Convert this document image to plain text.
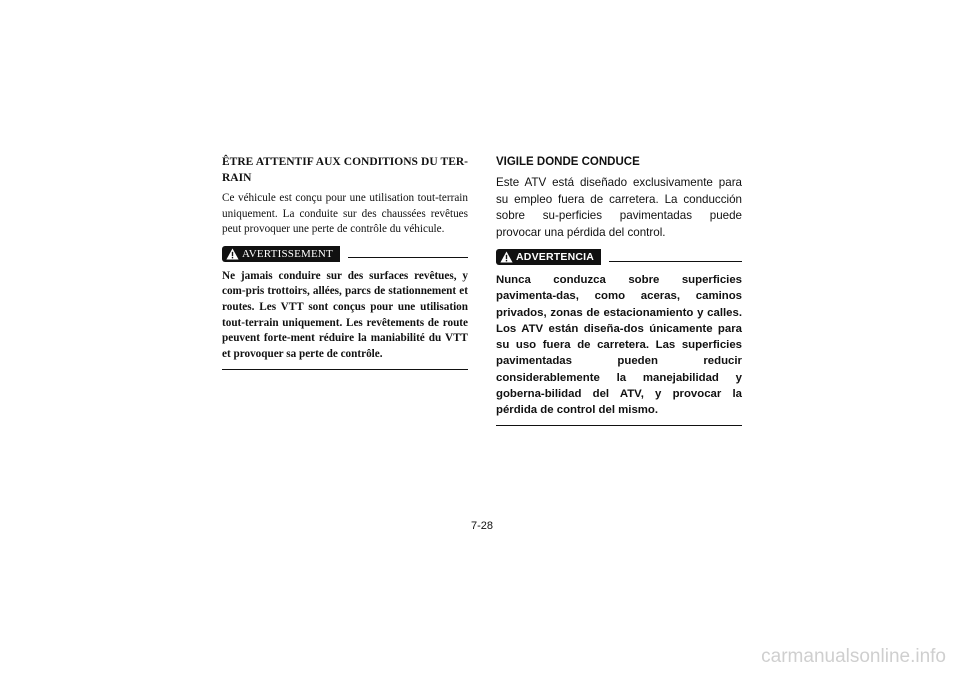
ÊTRE ATTENTIF AUX CONDITIONS DU TER-RAIN

Ce véhicule est conçu pour une utilisation tout-terrain uniquement. La conduite sur des chaussées revêtues peut provoquer une perte de contrôle du véhicule.

AVERTISSEMENT

Ne jamais conduire sur des surfaces revêtues, y com-pris trottoirs, allées, parcs de stationnement et routes. Les VTT sont conçus pour une utilisation tout-terrain uniquement. Les revêtements de route peuvent forte-ment réduire la maniabilité du VTT et provoquer sa perte de contrôle.

VIGILE DONDE CONDUCE

Este ATV está diseñado exclusivamente para su empleo fuera de carretera. La conducción sobre su-perficies pavimentadas puede provocar una pérdida del control.

ADVERTENCIA

Nunca conduzca sobre superficies pavimenta-das, como aceras, caminos privados, zonas de estacionamiento y calles. Los ATV están diseña-dos únicamente para su uso fuera de carretera. Las superficies pavimentadas pueden reducir considerablemente la manejabilidad y goberna-bilidad del ATV, y provocar la pérdida de control del mismo.

7-28
carmanualsonline.info
